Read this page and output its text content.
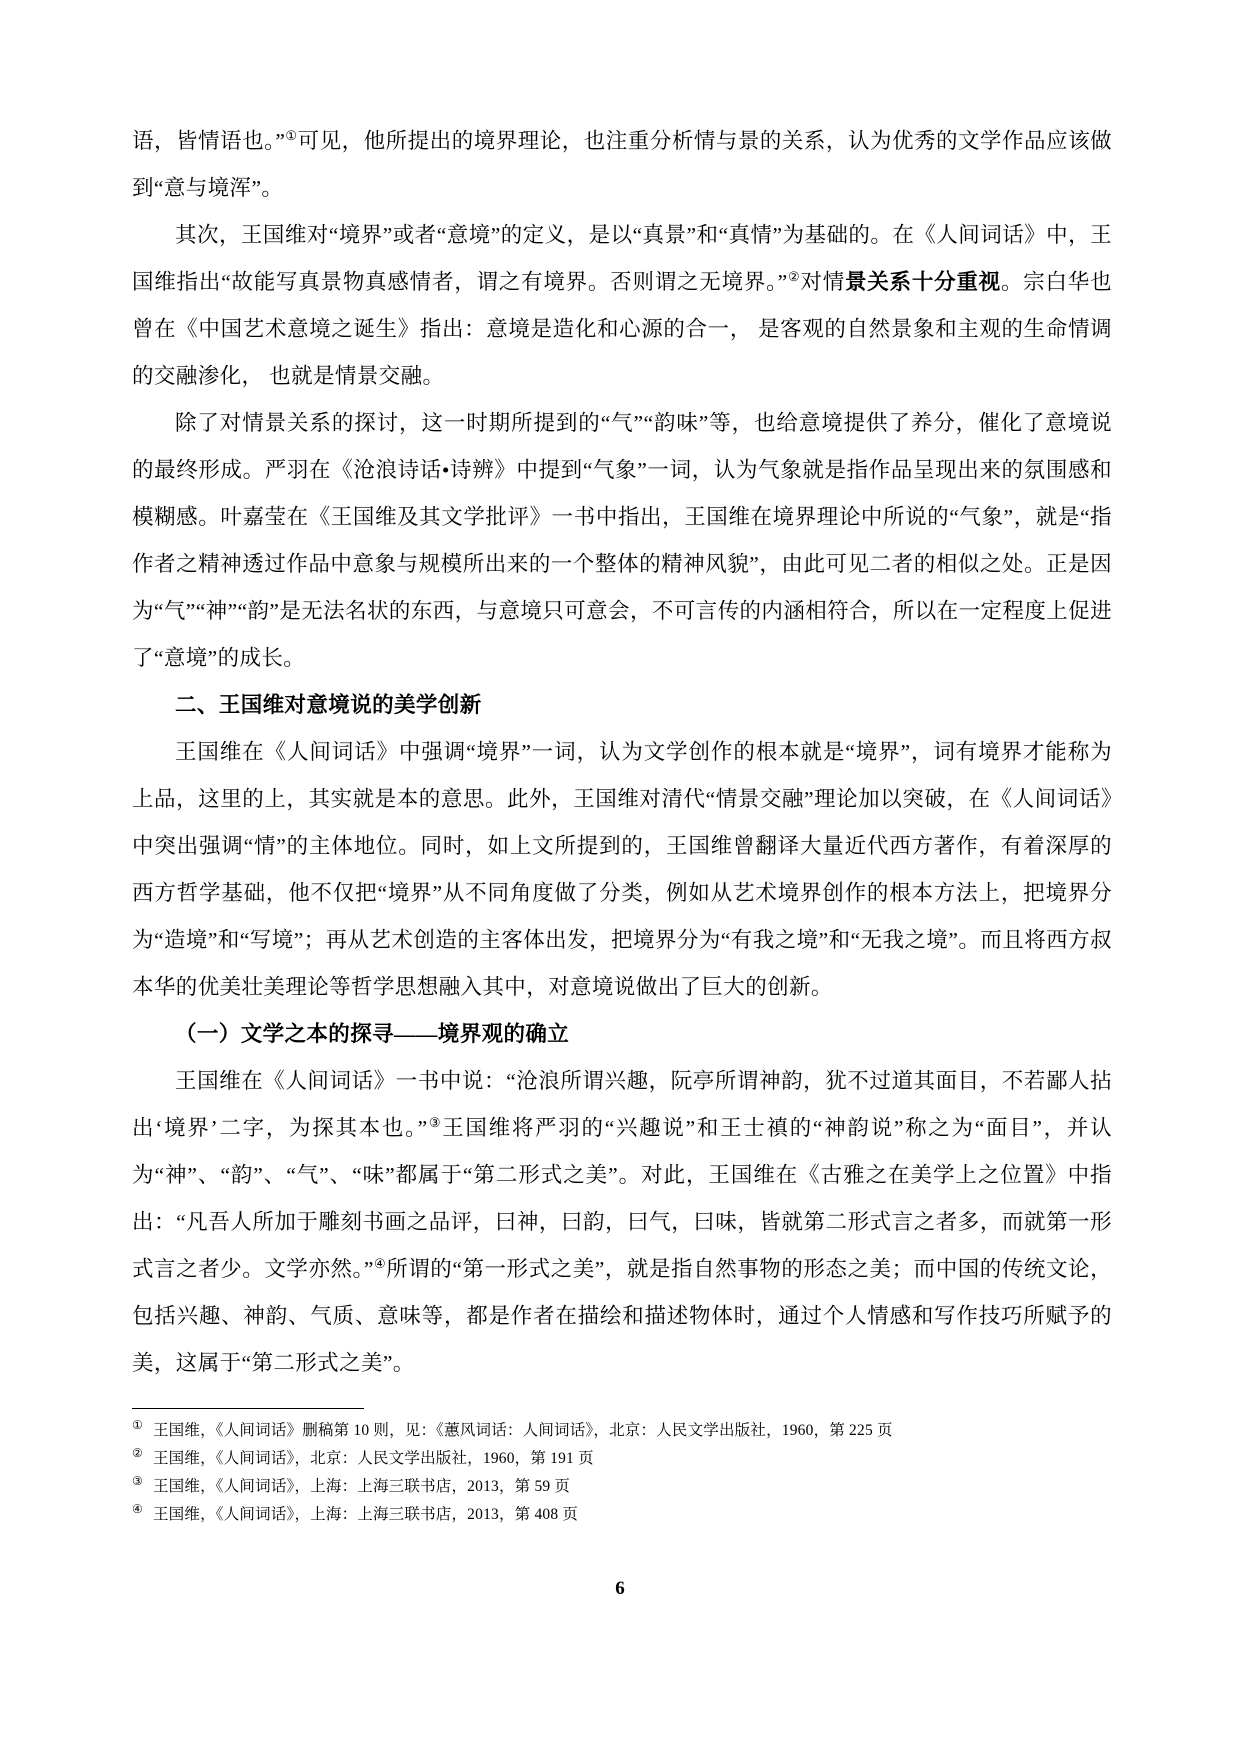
语，皆情语也。”①可见，他所提出的境界理论，也注重分析情与景的关系，认为优秀的文学作品应该做到“意与境浑”。

其次，王国维对“境界”或者“意境”的定义，是以“真景”和“真情”为基础的。在《人间词话》中，王国维指出“故能写真景物真感情者，谓之有境界。否则谓之无境界。”②对情景关系十分重视。宗白华也曾在《中国艺术意境之诞生》指出：意境是造化和心源的合一， 是客观的自然景象和主观的生命情调的交融渗化， 也就是情景交融。

除了对情景关系的探讨，这一时期所提到的“气”“韵味”等，也给意境提供了养分，催化了意境说的最终形成。严羽在《沧浪诗话•诗辨》中提到“气象”一词，认为气象就是指作品呈现出来的氛围感和模糊感。叶嘉莹在《王国维及其文学批评》一书中指出，王国维在境界理论中所说的“气象”，就是“指作者之精神透过作品中意象与规模所出来的一个整体的精神风貌”，由此可见二者的相似之处。正是因为“气”“神”“韵”是无法名状的东西，与意境只可意会，不可言传的内涵相符合，所以在一定程度上促进了“意境”的成长。

二、王国维对意境说的美学创新

王国维在《人间词话》中强调“境界”一词，认为文学创作的根本就是“境界”，词有境界才能称为上品，这里的上，其实就是本的意思。此外，王国维对清代“情景交融”理论加以突破，在《人间词话》中突出强调“情”的主体地位。同时，如上文所提到的，王国维曾翻译大量近代西方著作，有着深厚的西方哲学基础，他不仅把“境界”从不同角度做了分类，例如从艺术境界创作的根本方法上，把境界分为“造境”和“写境”；再从艺术创造的主客体出发，把境界分为“有我之境”和“无我之境”。而且将西方叔本华的优美壮美理论等哲学思想融入其中，对意境说做出了巨大的创新。

（一）文学之本的探寻——境界观的确立

王国维在《人间词话》一书中说：“沧浪所谓兴趣，阮亭所谓神韵，犹不过道其面目，不若鄙人拈出‘境界’二字，为探其本也。”③王国维将严羽的“兴趣说”和王士禛的“神韵说”称之为“面目”，并认为“神”、“韵”、“气”、“味”都属于“第二形式之美”。对此，王国维在《古雅之在美学上之位置》中指出：“凡吾人所加于雕刻书画之品评，曰神，曰韵，曰气，曰味，皆就第二形式言之者多，而就第一形式言之者少。文学亦然。”④所谓的“第一形式之美”，就是指自然事物的形态之美；而中国的传统文论，包括兴趣、神韵、气质、意味等，都是作者在描绘和描述物体时，通过个人情感和写作技巧所赋予的美，这属于“第二形式之美”。

① 王国维，《人间词话》删稿第 10 则，见：《蕙风词话：人间词话》，北京：人民文学出版社，1960，第 225 页
② 王国维，《人间词话》，北京：人民文学出版社，1960，第 191 页
③ 王国维，《人间词话》，上海：上海三联书店，2013，第 59 页
④ 王国维，《人间词话》，上海：上海三联书店，2013，第 408 页
6
